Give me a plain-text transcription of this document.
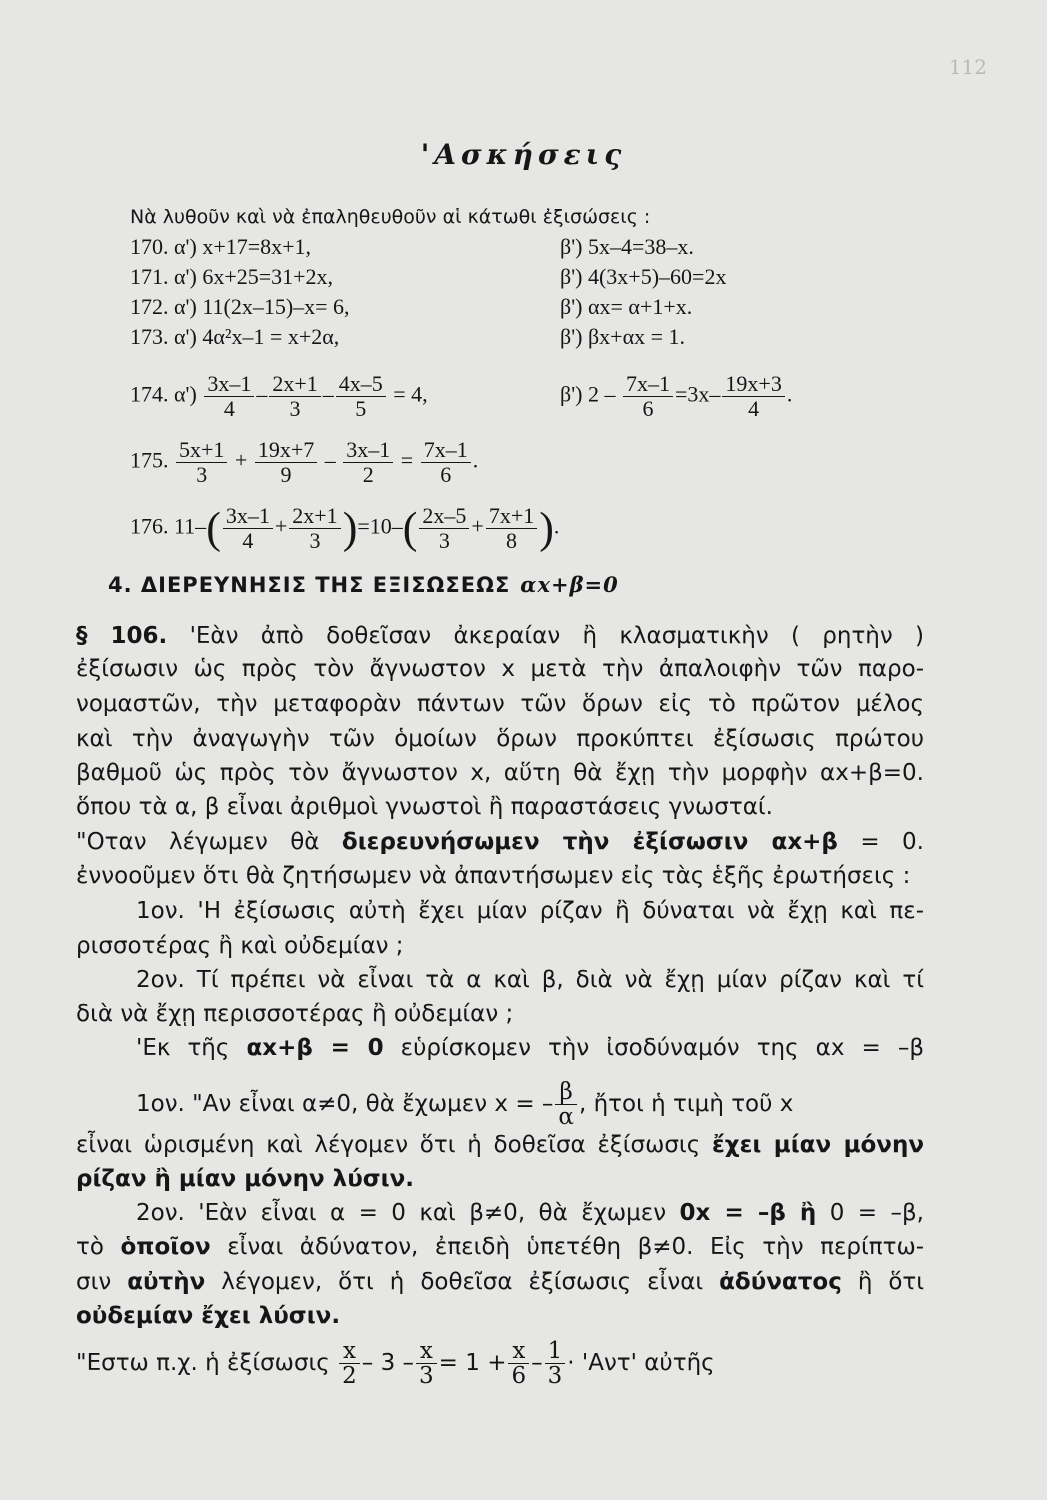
112
'Ασκήσεις
Νὰ λυθοῦν καὶ νὰ ἐπαληθευθοῦν αἱ κάτωθι ἐξισώσεις :
170. α') x+17=8x+1,	β') 5x–4=38–x.
171. α') 6x+25=31+2x,	β') 4(3x+5)–60=2x
172. α') 11(2x–15)–x= 6,	β') αx= α+1+x.
173. α') 4α²x–1 = x+2α,	β') βx+αx = 1.
174. $\alpha') \frac{3x-1}{4} - \frac{2x+1}{3} - \frac{4x-5}{5} = 4$,	β') $2 - \frac{7x-1}{6} =3x- \frac{19x+3}{4}$ .
175. $\frac{5x+1}{3} + \frac{19x+7}{9} - \frac{3x-1}{2} = \frac{7x-1}{6}$ .
176. $11-( \frac{3x-1}{4} + \frac{2x+1}{3} )=10-( \frac{2x-5}{3} + \frac{7x+1}{8}$ ).
4. ΔΙΕΡΕΥΝΗΣΙΣ ΤΗΣ ΕΞΙΣΩΣΕΩΣ αx+β=0
§ 106. 'Εὰν ἀπὸ δοθεῖσαν ἀκεραίαν ἢ κλασματικὴν ( ρητὴν )
ἐξίσωσιν ὡς πρὸς τὸν ἄγνωστον x μετὰ τὴν ἀπαλοιφὴν τῶν παρο-
νομαστῶν, τὴν μεταφορὰν πάντων τῶν ὅρων εἰς τὸ πρῶτον μέλος
καὶ τὴν ἀναγωγὴν τῶν ὁμοίων ὅρων προκύπτει ἐξίσωσις πρώτου
βαθμοῦ ὡς πρὸς τὸν ἄγνωστον x, αὕτη θὰ ἔχῃ τὴν μορφὴν αx+β=0.
ὅπου τὰ α, β εἶναι ἀριθμοὶ γνωστοὶ ἢ παραστάσεις γνωσταί.
"Οταν λέγωμεν θὰ διερευνήσωμεν τὴν ἐξίσωσιν αx+β = 0.
ἐννοοῦμεν ὅτι θὰ ζητήσωμεν νὰ ἀπαντήσωμεν εἰς τὰς ἑξῆς ἐρωτήσεις :
1ον. 'Η ἐξίσωσις αὐτὴ ἔχει μίαν ρίζαν ἢ δύναται νὰ ἔχῃ καὶ πε-
ρισσοτέρας ἢ καὶ οὐδεμίαν ;
2ον. Τί πρέπει νὰ εἶναι τὰ α καὶ β, διὰ νὰ ἔχῃ μίαν ρίζαν καὶ τί
διὰ νὰ ἔχῃ περισσοτέρας ἢ οὐδεμίαν ;
'Εκ τῆς αx+β = 0 εὑρίσκομεν τὴν ἰσοδύναμόν της αx = –β
1ον. "Αν εἶναι α≠0, θὰ ἔχωμεν x = – $\frac{\beta}{\alpha}$ , ἤτοι ἡ τιμὴ τοῦ x
εἶναι ὡρισμένη καὶ λέγομεν ὅτι ἡ δοθεῖσα ἐξίσωσις ἔχει μίαν μόνην
ρίζαν ἢ μίαν μόνην λύσιν.
2ον. 'Εὰν εἶναι α = 0 καὶ β≠0, θὰ ἔχωμεν 0x = –β ἢ 0 = –β,
τὸ ὁποῖον εἶναι ἀδύνατον, ἐπειδὴ ὑπετέθη β≠0. Εἰς τὴν περίπτω-
σιν αὐτὴν λέγομεν, ὅτι ἡ δοθεῖσα ἐξίσωσις εἶναι ἀδύνατος ἢ ὅτι
οὐδεμίαν ἔχει λύσιν.
"Εστω π.χ. ἡ ἐξίσωσις $\frac{x}{2} - 3 - \frac{x}{3} = 1 + \frac{x}{6} - \frac{1}{3}$ · 'Αντ' αὐτῆς
